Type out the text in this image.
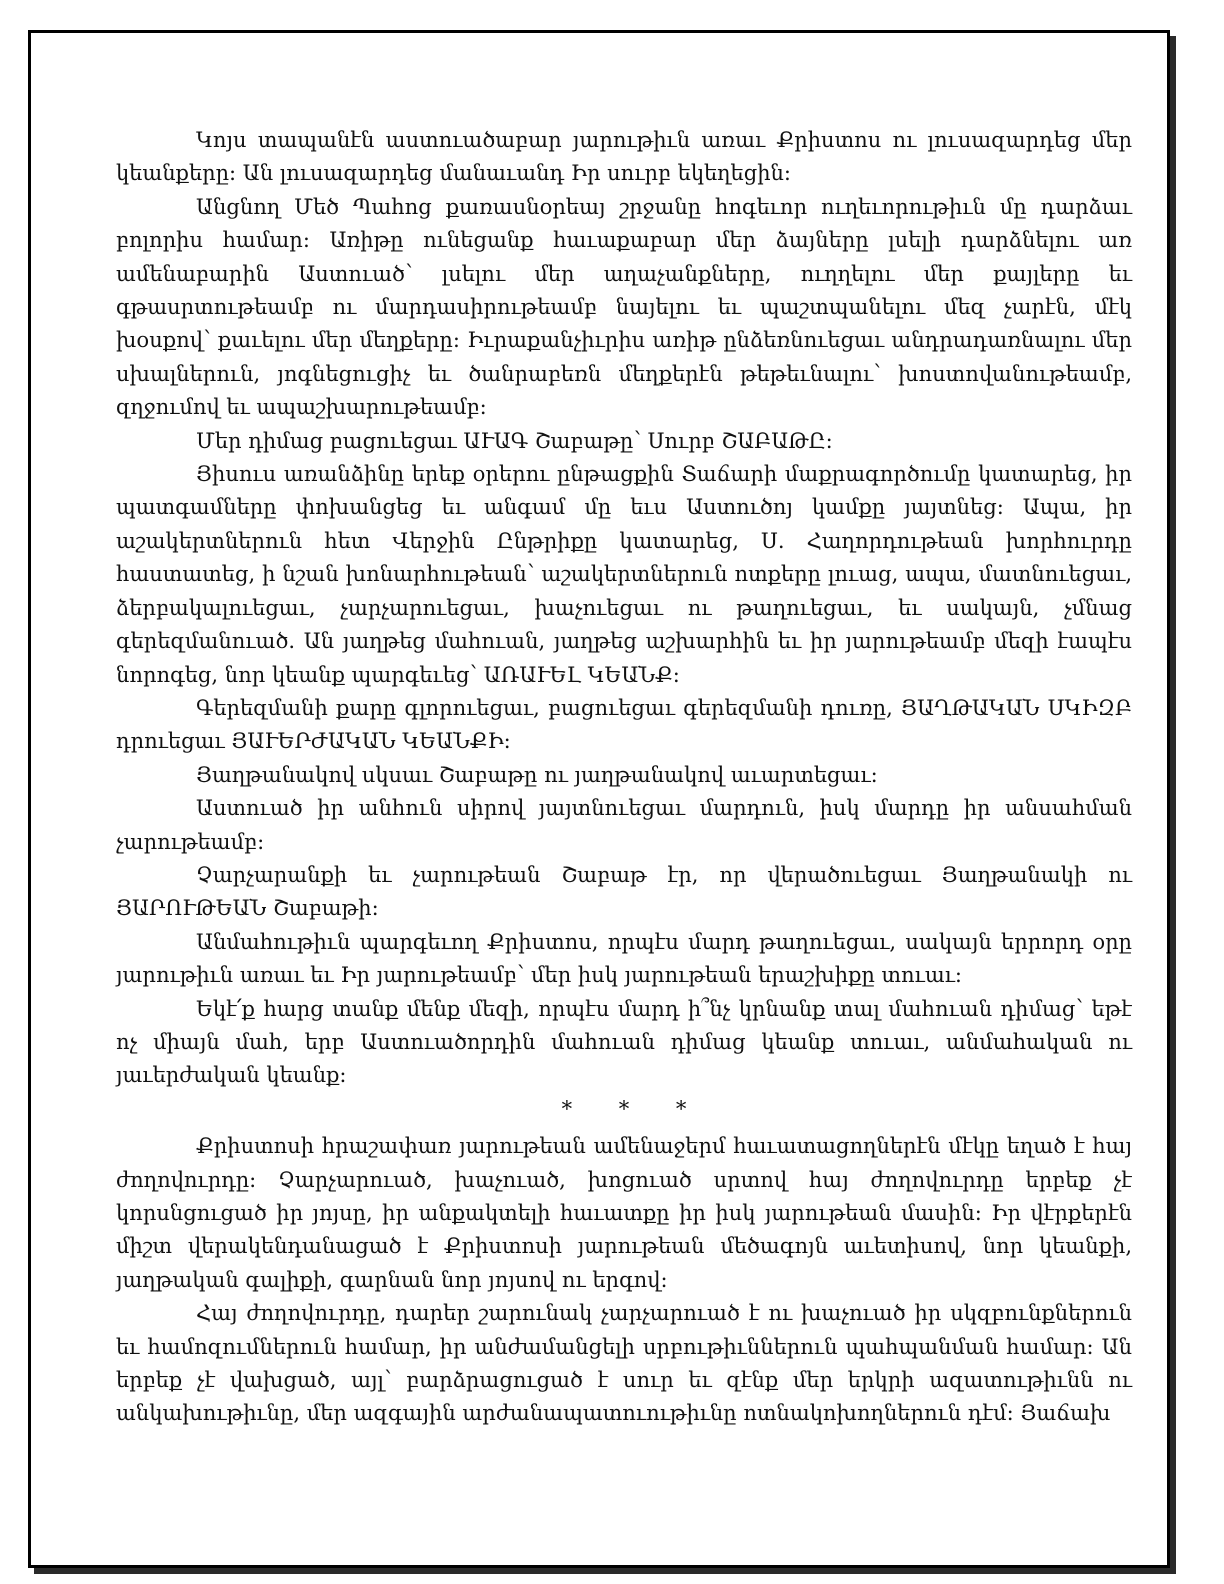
Կոյս տապանէն աստուածաբար յարութիւն առաւ Քրիստոս ու լուսազարդեց մեր կեանքերը: Ան լուսազարդեց մանաւանդ Իր սուրբ եկեղեցին:

Անցնող Մեծ Պահոց քառասնօրեայ շրջանը հոգեւոր ուղեւորութիւն մը դարձաւ բոլորիս համար: Առիթը ունեցանք հաւաքաբար մեր ձայները լսելի դարձնելու առ ամենաբարին Աստուած՝ լսելու մեր աղաչանքները, ուղղելու մեր քայլերը եւ գթասրտութեամբ ու մարդասիրութեամբ նայելու եւ պաշտպանելու մեզ չարէն, մէկ խօսքով՝ քաւելու մեր մեղքերը: Իւրաքանչիւրիս առիթ ընձեռնուեցաւ անդրադառնալու մեր սխալներուն, յոգնեցուցիչ եւ ծանրաբեռն մեղքերէն թեթեւնալու՝ խոստովանութեամբ, զղջումով եւ ապաշխարութեամբ:

Մեր դիմաց բացուեցաւ ԱՒԱԳ Շաբաթը՝ Սուրբ ՇԱԲԱԹԸ:

Յիսուս առանձինը երեք օրերու ընթացքին Տաճարի մաքրագործումը կատարեց, իր պատգամները փոխանցեց եւ անգամ մը եւս Աստուծոյ կամքը յայտնեց: Ապա, իր աշակերտներուն հետ Վերջին Ընթրիքը կատարեց, Ս. Հաղորդութեան խորհուրդը հաստատեց, ի նշան խոնարհութեան՝ աշակերտներուն ոտքերը լուաց, ապա, մատնուեցաւ, ձերբակալուեցաւ, չարչարուեցաւ, խաչուեցաւ ու թաղուեցաւ, եւ սակայն, չմնաց գերեզմանուած. Ան յաղթեց մահուան, յաղթեց աշխարհին եւ իր յարութեամբ մեզի էապէս նորոգեց, նոր կեանք պարգեւեց՝ ԱՌԱՒԵԼ ԿԵԱՆՔ:

Գերեզմանի քարը գլորուեցաւ, բացուեցաւ գերեզմանի դուռը, ՅԱՂԹԱԿԱՆ ՍԿԻԶԲ դրուեցաւ ՅԱՒԵՐԺԱԿԱՆ ԿԵԱՆՔԻ:

Յաղթանակով սկսաւ Շաբաթը ու յաղթանակով աւարտեցաւ:

Աստուած իր անհուն սիրով յայտնուեցաւ մարդուն, իսկ մարդը իր անսահման չարութեամբ:

Չարչարանքի եւ չարութեան Շաբաթ էր, որ վերածուեցաւ Յաղթանակի ու ՅԱՐՈՒԹԵԱՆ Շաբաթի:

Անմահութիւն պարգեւող Քրիստոս, որպէս մարդ թաղուեցաւ, սակայն երրորդ օրը յարութիւն առաւ եւ Իր յարութեամբ՝ մեր իսկ յարութեան երաշխիքը տուաւ:

Եկէ՛ք հարց տանք մենք մեզի, որպէս մարդ ի՞նչ կրնանք տալ մահուան դիմաց՝ եթէ ոչ միայն մահ, երբ Աստուածորդին մահուան դիմաց կեանք տուաւ, անմահական ու յաւերժական կեանք:

* * *

Քրիստոսի հրաշափառ յարութեան ամենաջերմ հաւատացողներէն մէկը եղած է հայ ժողովուրդը: Չարչարուած, խաչուած, խոցուած սրտով հայ ժողովուրդը երբեք չէ կորսնցուցած իր յոյսը, իր անքակտելի հաւատքը իր իսկ յարութեան մասին: Իր վէրքերէն միշտ վերակենդանացած է Քրիստոսի յարութեան մեծագոյն աւետիսով, նոր կեանքի, յաղթական գալիքի, գարնան նոր յոյսով ու երգով:

Հայ ժողովուրդը, դարեր շարունակ չարչարուած է ու խաչուած իր սկզբունքներուն եւ համոզումներուն համար, իր անժամանցելի սրբութիւններուն պահպանման համար: Ան երբեք չէ վախցած, այլ՝ բարձրացուցած է սուր եւ զէնք մեր երկրի ազատութիւնն ու անկախութիւնը, մեր ազգային արժանապատուութիւնը ոտնակոխողներուն դէմ: Յաճախ
